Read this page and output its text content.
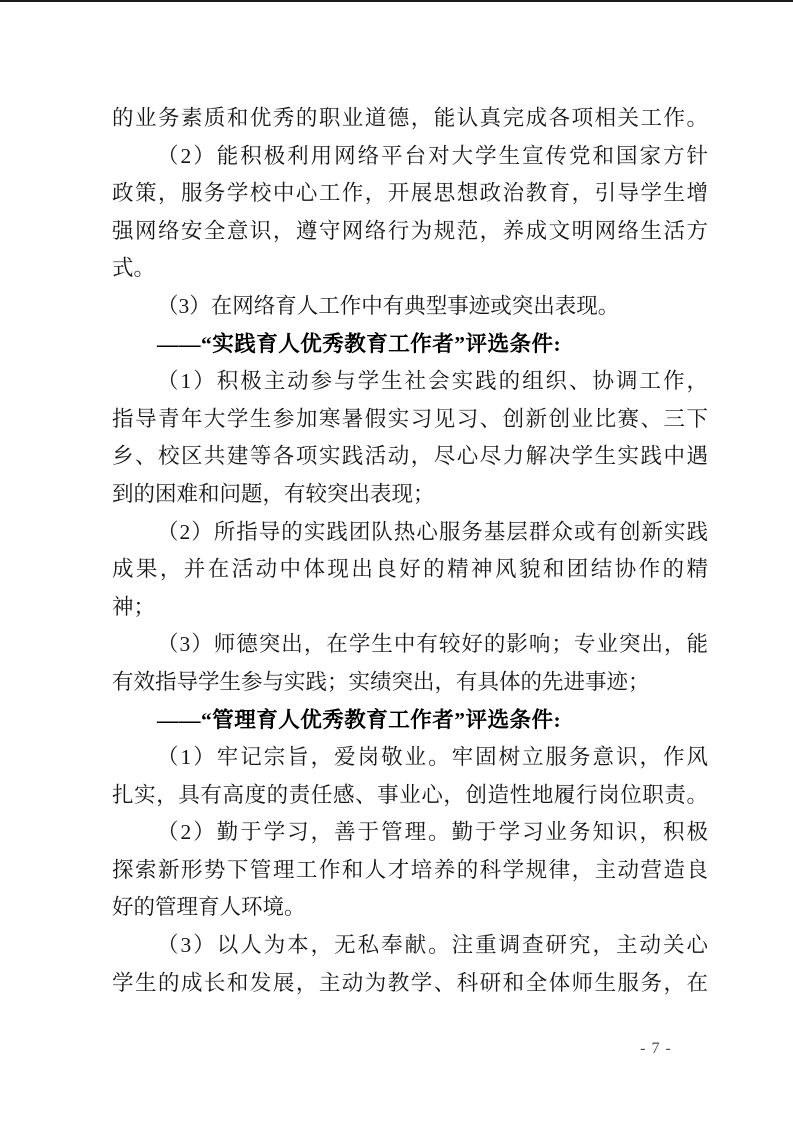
的业务素质和优秀的职业道德，能认真完成各项相关工作。
（2）能积极利用网络平台对大学生宣传党和国家方针
政策，服务学校中心工作，开展思想政治教育，引导学生增
强网络安全意识，遵守网络行为规范，养成文明网络生活方
式。
（3）在网络育人工作中有典型事迹或突出表现。
——“实践育人优秀教育工作者”评选条件:
（1）积极主动参与学生社会实践的组织、协调工作，
指导青年大学生参加寒暑假实习见习、创新创业比赛、三下
乡、校区共建等各项实践活动，尽心尽力解决学生实践中遇
到的困难和问题，有较突出表现；
（2）所指导的实践团队热心服务基层群众或有创新实践
成果，并在活动中体现出良好的精神风貌和团结协作的精
神；
（3）师德突出，在学生中有较好的影响；专业突出，能
有效指导学生参与实践；实绩突出，有具体的先进事迹；
——“管理育人优秀教育工作者”评选条件:
（1）牢记宗旨，爱岗敬业。牢固树立服务意识，作风
扎实，具有高度的责任感、事业心，创造性地履行岗位职责。
（2）勤于学习，善于管理。勤于学习业务知识，积极
探索新形势下管理工作和人才培养的科学规律，主动营造良
好的管理育人环境。
（3）以人为本，无私奉献。注重调查研究，主动关心
学生的成长和发展，主动为教学、科研和全体师生服务，在
- 7 -
